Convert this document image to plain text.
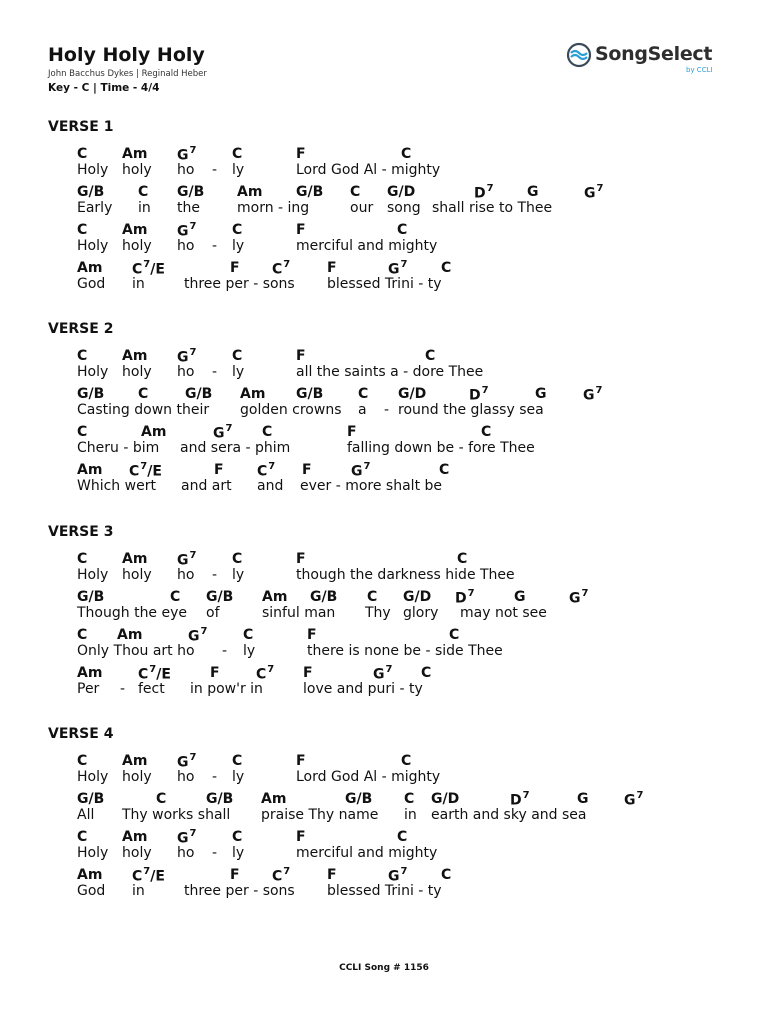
Holy Holy Holy
John Bacchus Dykes | Reginald Heber
Key - C | Time - 4/4
SongSelect
by CCLI
VERSE 1
C Am $G^7$	C	F	C
Holy holy ho - ly	Lord God Al - mighty
G/B C G/B Am G/B C G/D	$D^7$ G	$G^7$
Early in the	morn - ing	our song shall rise to Thee
C Am $G^7$	C	F	C
Holy holy ho - ly	merciful and mighty
Am $C^7/E$	F $C^7$	F	$G^7$ C
God in	three per - sons blessed Trini - ty
VERSE 2
C Am $G^7$	C	F	C
Holy holy ho - ly	all the saints a - dore Thee
G/B C	G/B Am G/B C G/D	$D^7$	G	$G^7$
Casting down their golden crowns a - round the glassy sea
C	Am	$G^7$ C	F	C
Cheru - bim and sera - phim	falling down be - fore Thee
Am $C^7/E$	F $C^7$ F	$G^7$	C
Which wert and art and ever - more shalt be
VERSE 3
C Am $G^7$	C	F	C
Holy holy ho - ly	though the darkness hide Thee
G/B	C G/B Am G/B C G/D $D^7$	G	$G^7$
Though the eye of	sinful man Thy glory may not see
C Am	$G^7$	C	F	C
Only Thou art ho - ly	there is none be - side Thee
Am	$C^7/E$	F	$C^7$ F	$G^7$ C
Per - fect in pow'r in	love and puri - ty
VERSE 4
C Am $G^7$	C	F	C
Holy holy ho - ly	Lord God Al - mighty
G/B	C	G/B Am	G/B C G/D	$D^7$	G	$G^7$
All Thy works shall praise Thy name in earth and sky and sea
C Am $G^7$	C	F	C
Holy holy ho - ly	merciful and mighty
Am $C^7/E$	F $C^7$	F	$G^7$ C
God in	three per - sons blessed Trini - ty
CCLI Song # 1156
